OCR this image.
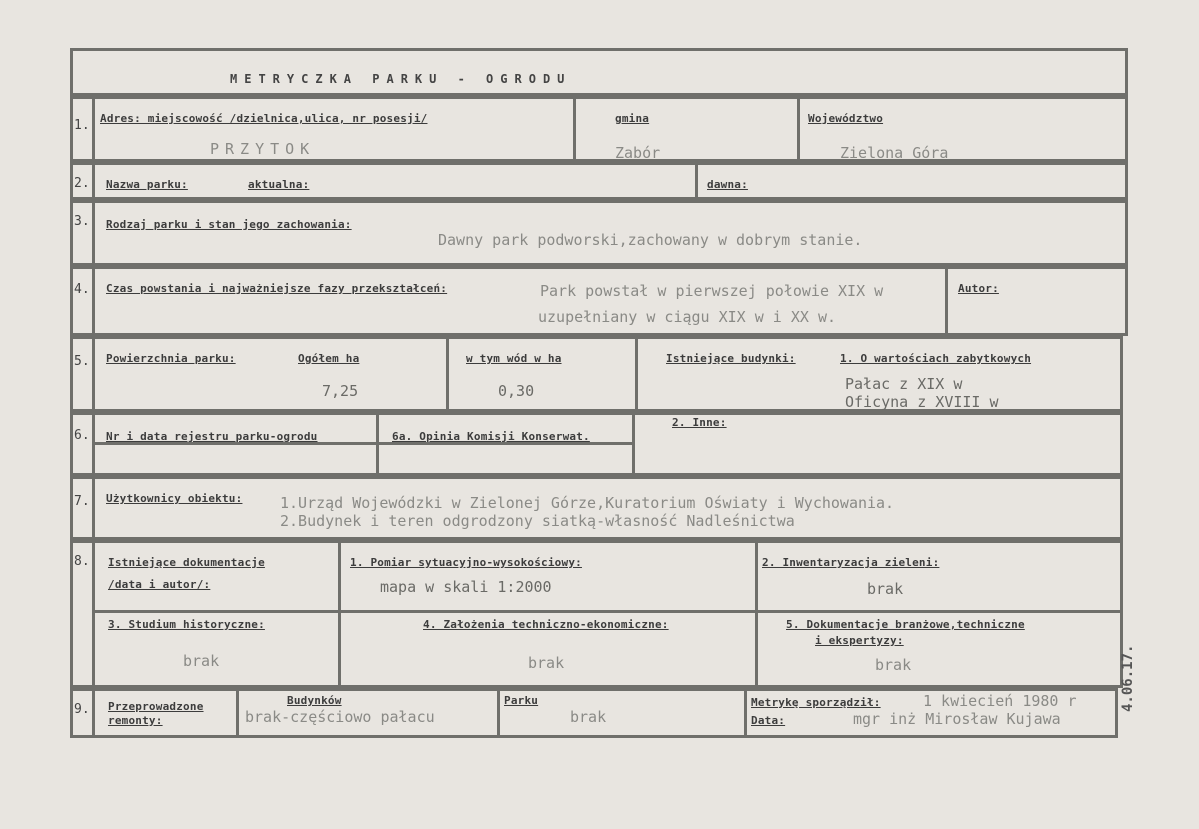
METRYCZKA PARKU - OGRODU
1. Adres: miejscowość /dzielnica,ulica, nr posesji/
PRZYTOK
gmina
Zabór
Województwo
Zielona Góra
2. Nazwa parku:	aktualna:	dawna:
3. Rodzaj parku i stan jego zachowania:
Dawny park podworski,zachowany w dobrym stanie.
4. Czas powstania i najważniejsze fazy przekształceń:	Park powstał w pierwszej połowie XIX w
uzupełniany w ciągu XIX w i XX w.
Autor:
5. Powierzchnia parku:	Ogółem ha
7,25
w tym wód w ha
0,30
Istniejące budynki:	1. O wartościach zabytkowych
Pałac z XIX w
Oficyna z XVIII w
6. Nr i data rejestru parku-ogrodu	6a. Opinia Komisji Konserwat.
2. Inne:
7. Użytkownicy obiektu:	1.Urząd Wojewódzki w Zielonej Górze,Kuratorium Oświaty i Wychowania.
2.Budynek i teren odgrodzony siatką-własność Nadleśnictwa
8. Istniejące dokumentacje
/data i autor/:
1. Pomiar sytuacyjno-wysokościowy:
mapa w skali 1:2000
2. Inwentaryzacja zieleni:
brak
3. Studium historyczne:
brak
4. Założenia techniczno-ekonomiczne:
brak
5. Dokumentacje branżowe,techniczne
i ekspertyzy:
brak
9. Przeprowadzone
remonty:
Budynków
brak-częściowo pałacu
Parku
brak
Metrykę sporządził:	1 kwiecień 1980 r
Data:	mgr inż Mirosław Kujawa
4.06.17.
